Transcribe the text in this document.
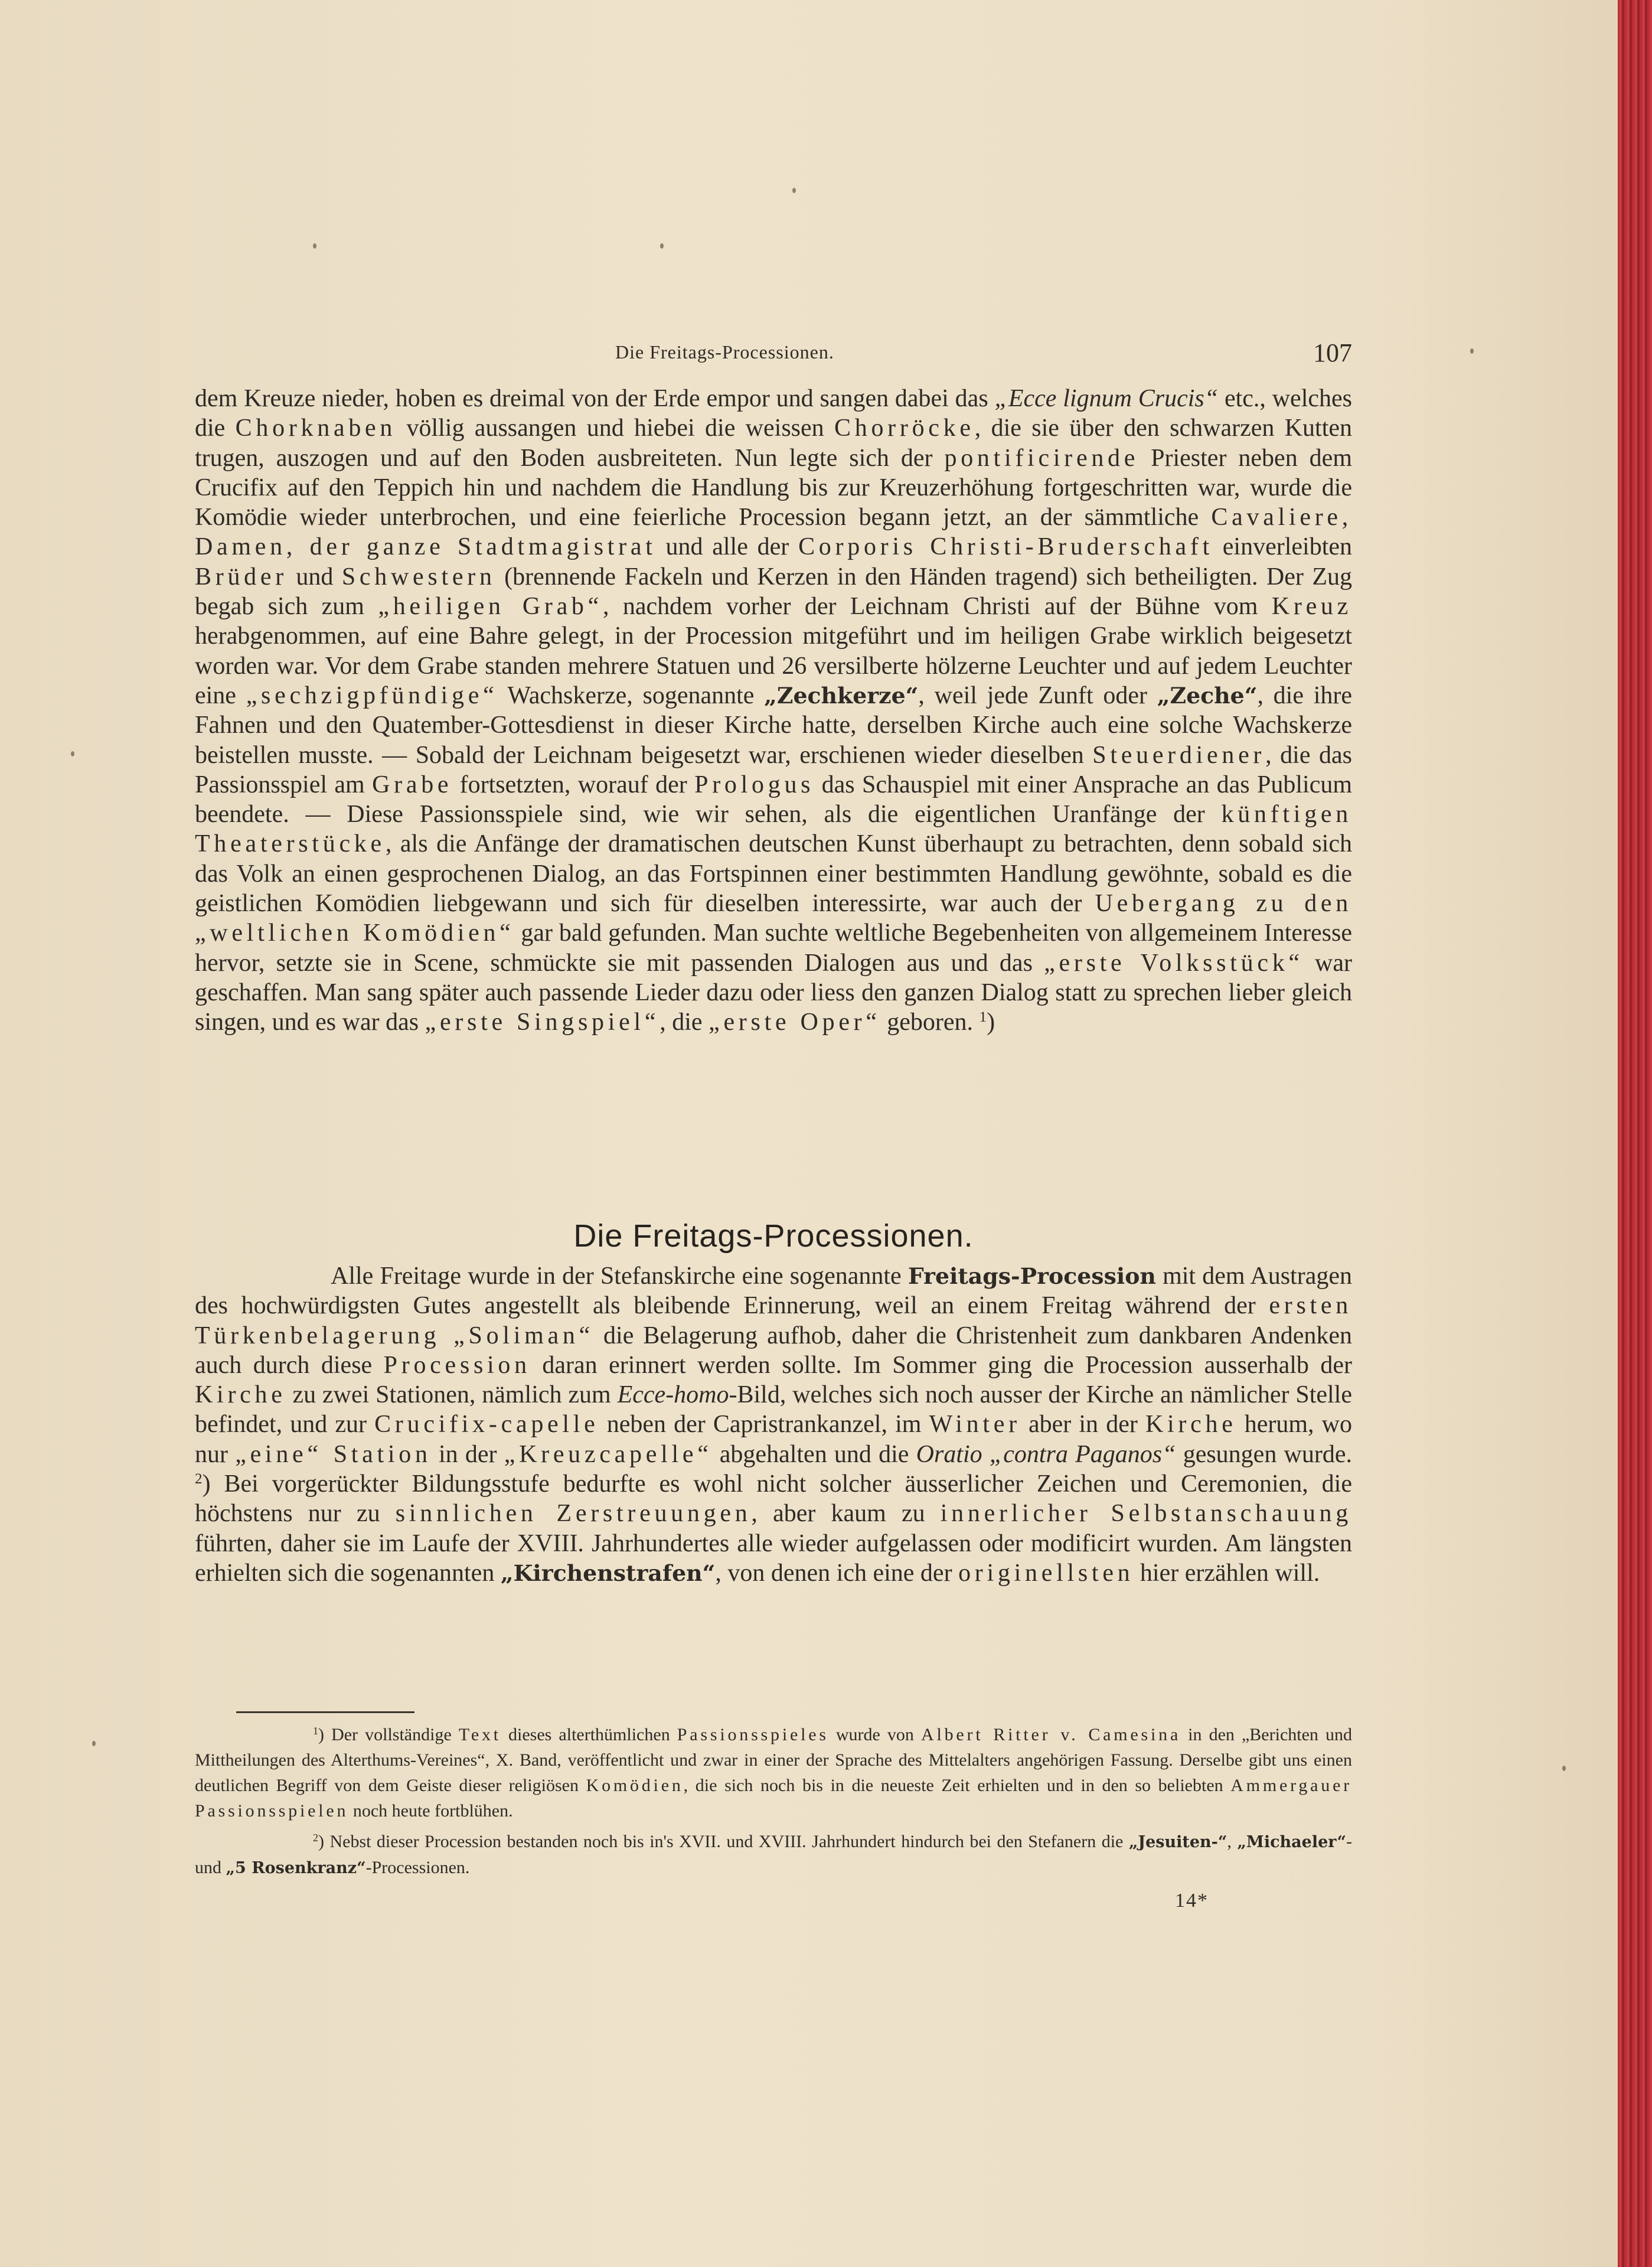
Die Freitags-Processionen.	107

dem Kreuze nieder, hoben es dreimal von der Erde empor und sangen dabei das „Ecce lignum Crucis“ etc., welches die Chorknaben völlig aussangen und hiebei die weissen Chorröcke, die sie über den schwarzen Kutten trugen, auszogen und auf den Boden ausbreiteten. Nun legte sich der pontificirende Priester neben dem Crucifix auf den Teppich hin und nachdem die Handlung bis zur Kreuzerhöhung fortgeschritten war, wurde die Komödie wieder unterbrochen, und eine feierliche Procession begann jetzt, an der sämmtliche Cavaliere, Damen, der ganze Stadtmagistrat und alle der Corporis Christi-Bruderschaft einverleibten Brüder und Schwestern (brennende Fackeln und Kerzen in den Händen tragend) sich betheiligten. Der Zug begab sich zum „heiligen Grab“, nachdem vorher der Leichnam Christi auf der Bühne vom Kreuz herabgenommen, auf eine Bahre gelegt, in der Procession mitgeführt und im heiligen Grabe wirklich beigesetzt worden war. Vor dem Grabe standen mehrere Statuen und 26 versilberte hölzerne Leuchter und auf jedem Leuchter eine „sechzigpfündige“ Wachskerze, sogenannte „Zechkerze“, weil jede Zunft oder „Zeche“, die ihre Fahnen und den Quatember-Gottesdienst in dieser Kirche hatte, derselben Kirche auch eine solche Wachskerze beistellen musste. — Sobald der Leichnam beigesetzt war, erschienen wieder dieselben Steuerdiener, die das Passionsspiel am Grabe fortsetzten, worauf der Prologus das Schauspiel mit einer Ansprache an das Publicum beendete. — Diese Passionsspiele sind, wie wir sehen, als die eigentlichen Uranfänge der künftigen Theaterstücke, als die Anfänge der dramatischen deutschen Kunst überhaupt zu betrachten, denn sobald sich das Volk an einen gesprochenen Dialog, an das Fortspinnen einer bestimmten Handlung gewöhnte, sobald es die geistlichen Komödien liebgewann und sich für dieselben interessirte, war auch der Uebergang zu den „weltlichen Komödien“ gar bald gefunden. Man suchte weltliche Begebenheiten von allgemeinem Interesse hervor, setzte sie in Scene, schmückte sie mit passenden Dialogen aus und das „erste Volksstück“ war geschaffen. Man sang später auch passende Lieder dazu oder liess den ganzen Dialog statt zu sprechen lieber gleich singen, und es war das „erste Singspiel“, die „erste Oper“ geboren. $^1$)

Die Freitags-Processionen.

Alle Freitage wurde in der Stefanskirche eine sogenannte Freitags-Procession mit dem Austragen des hochwürdigsten Gutes angestellt als bleibende Erinnerung, weil an einem Freitag während der ersten Türkenbelagerung „Soliman“ die Belagerung aufhob, daher die Christenheit zum dankbaren Andenken auch durch diese Procession daran erinnert werden sollte. Im Sommer ging die Procession ausserhalb der Kirche zu zwei Stationen, nämlich zum Ecce-homo-Bild, welches sich noch ausser der Kirche an nämlicher Stelle befindet, und zur Crucifix-capelle neben der Capristrankanzel, im Winter aber in der Kirche herum, wo nur „eine“ Station in der „Kreuzcapelle“ abgehalten und die Oratio „contra Paganos“ gesungen wurde. $^2$) Bei vorgerückter Bildungsstufe bedurfte es wohl nicht solcher äusserlicher Zeichen und Ceremonien, die höchstens nur zu sinnlichen Zerstreuungen, aber kaum zu innerlicher Selbstanschauung führten, daher sie im Laufe der XVIII. Jahrhundertes alle wieder aufgelassen oder modificirt wurden. Am längsten erhielten sich die sogenannten „Kirchenstrafen“, von denen ich eine der originellsten hier erzählen will.

$^1$) Der vollständige Text dieses alterthümlichen Passionsspieles wurde von Albert Ritter v. Camesina in den „Berichten und Mittheilungen des Alterthums-Vereines“, X. Band, veröffentlicht und zwar in einer der Sprache des Mittelalters angehörigen Fassung. Derselbe gibt uns einen deutlichen Begriff von dem Geiste dieser religiösen Komödien, die sich noch bis in die neueste Zeit erhielten und in den so beliebten Ammergauer Passionsspielen noch heute fortblühen.

$^2$) Nebst dieser Procession bestanden noch bis in's XVII. und XVIII. Jahrhundert hindurch bei den Stefanern die „Jesuiten-“, „Michaeler“- und „5 Rosenkranz“-Processionen.

14*
